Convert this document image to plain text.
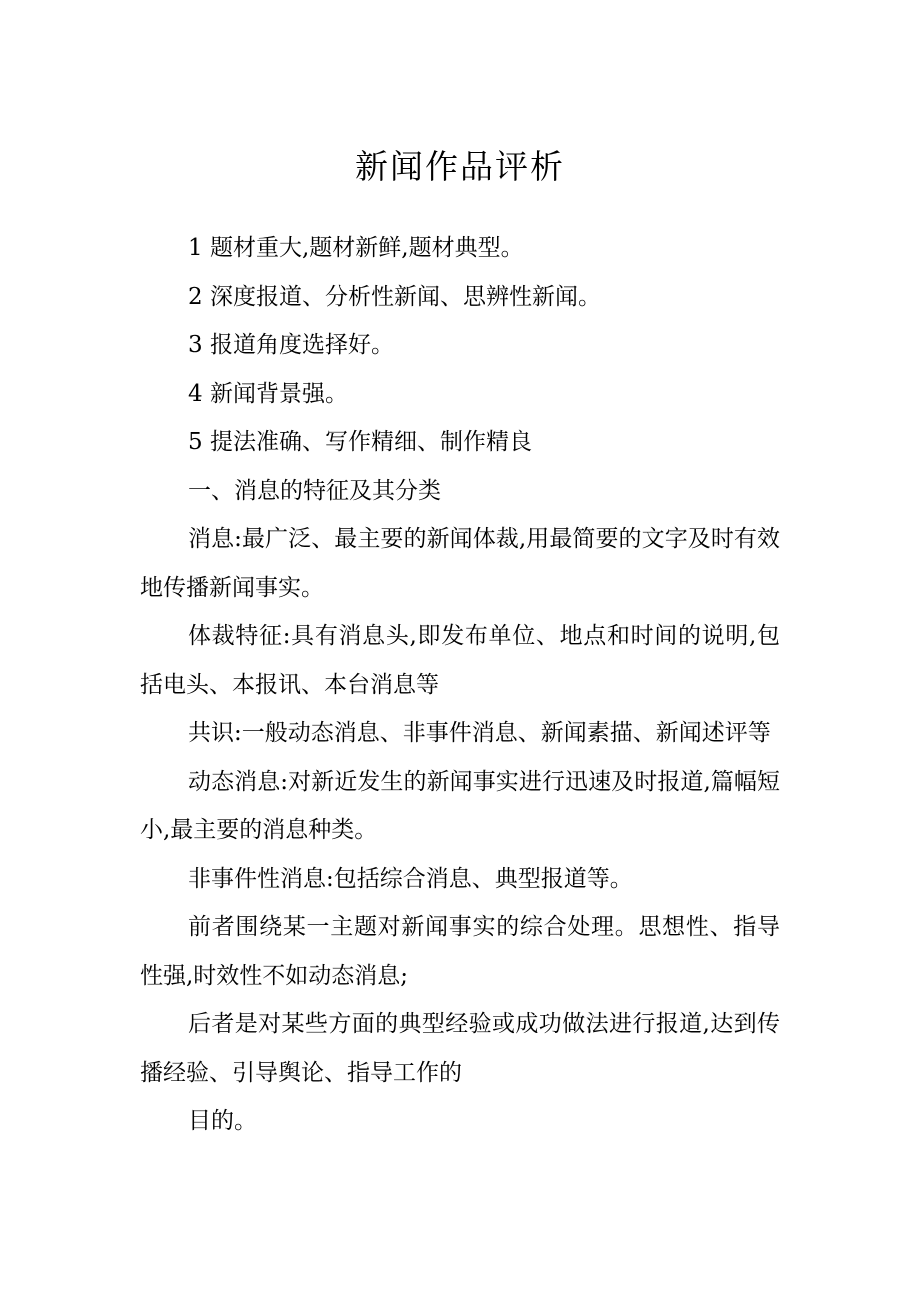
新闻作品评析

1 题材重大,题材新鲜,题材典型。

2 深度报道、分析性新闻、思辨性新闻。

3 报道角度选择好。

4 新闻背景强。

5 提法准确、写作精细、制作精良

一、消息的特征及其分类

消息:最广泛、最主要的新闻体裁,用最简要的文字及时有效地传播新闻事实。

体裁特征:具有消息头,即发布单位、地点和时间的说明,包括电头、本报讯、本台消息等

共识:一般动态消息、非事件消息、新闻素描、新闻述评等

动态消息:对新近发生的新闻事实进行迅速及时报道,篇幅短小,最主要的消息种类。

非事件性消息:包括综合消息、典型报道等。

前者围绕某一主题对新闻事实的综合处理。思想性、指导性强,时效性不如动态消息;

后者是对某些方面的典型经验或成功做法进行报道,达到传播经验、引导舆论、指导工作的

目的。
